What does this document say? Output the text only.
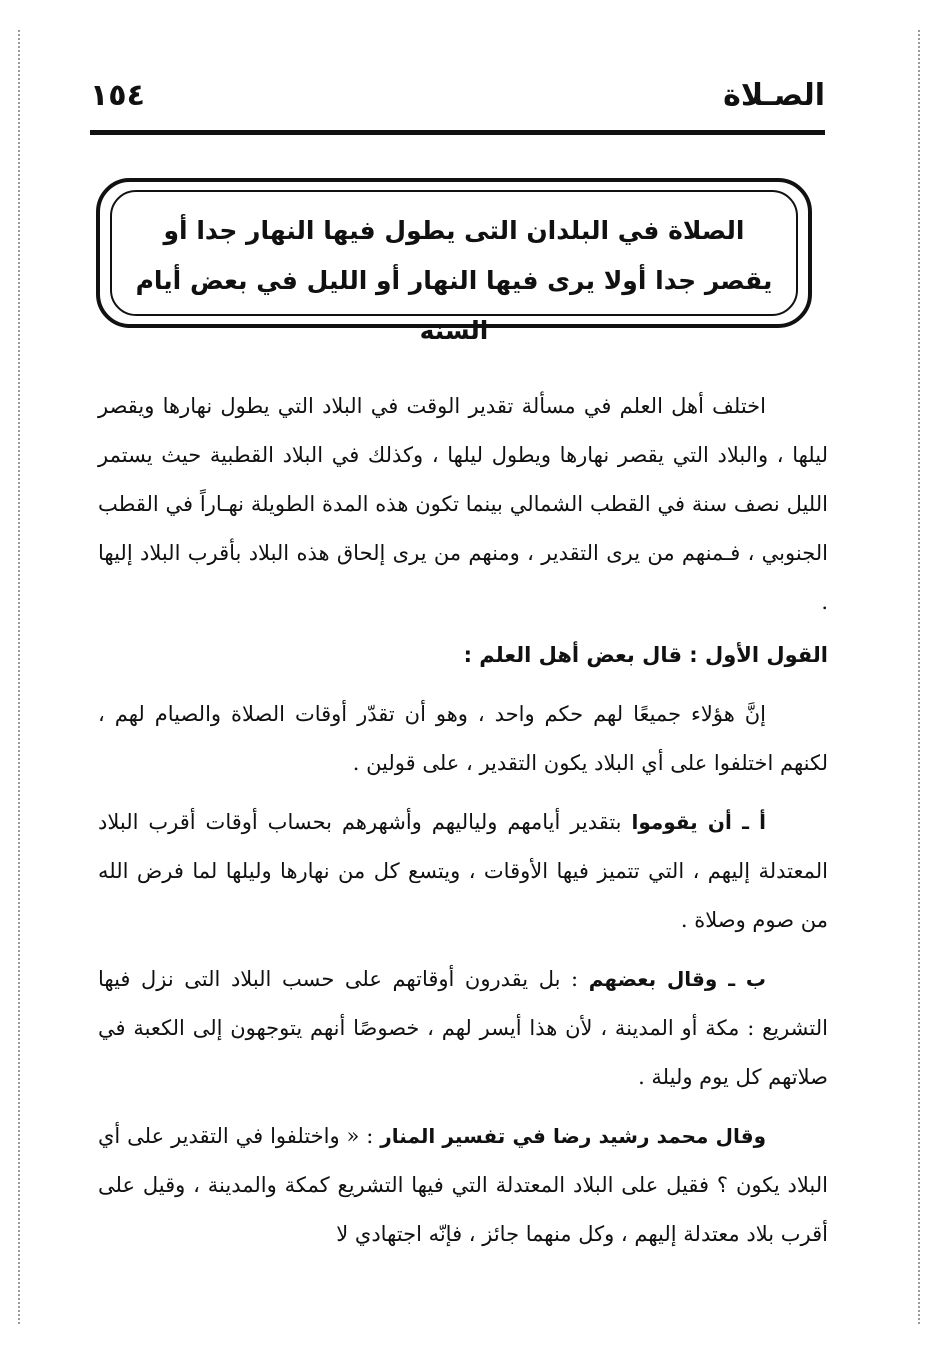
الصـلاة
١٥٤
الصلاة في البلدان التى يطول فيها النهار جدا أو يقصر جدا أولا يرى فيها النهار أو الليل في بعض أيام السنة

اختلف أهل العلم في مسألة تقدير الوقت في البلاد التي يطول نهارها ويقصر ليلها ، والبلاد التي يقصر نهارها ويطول ليلها ، وكذلك في البلاد القطبية حيث يستمر الليل نصف سنة في القطب الشمالي بينما تكون هذه المدة الطويلة نهـاراً في القطب الجنوبي ، فـمنهم من يرى التقدير ، ومنهم من يرى إلحاق هذه البلاد بأقرب البلاد إليها .

القول الأول : قال بعض أهل العلم :

إنَّ هؤلاء جميعًا لهم حكم واحد ، وهو أن تقدّر أوقات الصلاة والصيام لهم ، لكنهم اختلفوا على أي البلاد يكون التقدير ، على قولين .

أ ـ أن يقوموا بتقدير أيامهم ولياليهم وأشهرهم بحساب أوقات أقرب البلاد المعتدلة إليهم ، التي تتميز فيها الأوقات ، ويتسع كل من نهارها وليلها لما فرض الله من صوم وصلاة .

ب ـ وقال بعضهم : بل يقدرون أوقاتهم على حسب البلاد التى نزل فيها التشريع : مكة أو المدينة ، لأن هذا أيسر لهم ، خصوصًا أنهم يتوجهون إلى الكعبة في صلاتهم كل يوم وليلة .

وقال محمد رشيد رضا في تفسير المنار : « واختلفوا في التقدير على أي البلاد يكون ؟ فقيل على البلاد المعتدلة التي فيها التشريع كمكة والمدينة ، وقيل على أقرب بلاد معتدلة إليهم ، وكل منهما جائز ، فإنّه اجتهادي لا
